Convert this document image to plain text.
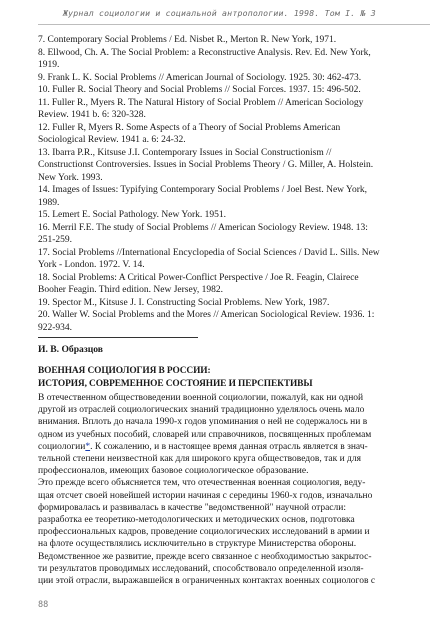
Журнал социологии и социальной антропологии. 1998. Том I. № 3
7. Contemporary Social Problems / Ed. Nisbet R., Merton R. New York, 1971.
8. Ellwood, Ch. A. The Social Problem: a Reconstructive Analysis. Rev. Ed. New York,
1919.
9. Frank L. K. Social Problems // American Journal of Sociology. 1925. 30: 462-473.
10. Fuller R. Social Theory and Social Problems // Social Forces. 1937. 15: 496-502.
11. Fuller R., Myers R. The Natural History of Social Problem // American Sociology
Review. 1941 b. 6: 320-328.
12. Fuller R, Myers R. Some Aspects of a Theory of Social Problems American
Sociological Review. 1941 a. 6: 24-32.
13. Ibarra P.R., Kitsuse J.I. Contemporary Issues in Social Constructionism //
Constructionst Controversies. Issues in Social Problems Theory / G. Miller, A. Holstein.
New York. 1993.
14. Images of Issues: Typifying Contemporary Social Problems / Joel Best. New York,
1989.
15. Lemert E. Social Pathology. New York. 1951.
16. Merril F.E. The study of Social Problems // American Sociology Review. 1948. 13:
251-259.
17. Social Problems //International Encyclopedia of Social Sciences / David L. Sills. New
York - London. 1972. V. 14.
18. Social Problems: A Critical Power-Conflict Perspective / Joe R. Feagin, Clairece
Booher Feagin. Third edition. New Jersey, 1982.
19. Spector M., Kitsuse J. I. Constructing Social Problems. New York, 1987.
20. Waller W. Social Problems and the Mores // American Sociological Review. 1936. 1:
922-934.
И. В. Образцов
ВОЕННАЯ СОЦИОЛОГИЯ В РОССИИ:
ИСТОРИЯ, СОВРЕМЕННОЕ СОСТОЯНИЕ И ПЕРСПЕКТИВЫ
В отечественном обществоведении военной социологии, пожалуй, как ни одной
другой из отраслей социологических знаний традиционно уделялось очень мало
внимания. Вплоть до начала 1990-х годов упоминания о ней не содержалось ни в
одном из учебных пособий, словарей или справочников, посвященных проблемам
социологии*. К сожалению, и в настоящее время данная отрасль является в знач-
тельной степени неизвестной как для широкого круга обществоведов, так и для
профессионалов, имеющих базовое социологическое образование.
Это прежде всего объясняется тем, что отечественная военная социология, веду-
щая отсчет своей новейшей истории начиная с середины 1960-х годов, изначально
формировалась и развивалась в качестве "ведомственной" научной отрасли:
разработка ее теоретико-методологических и методических основ, подготовка
профессиональных кадров, проведение социологических исследований в армии и
на флоте осуществлялись исключительно в структуре Министерства обороны.
Ведомственное же развитие, прежде всего связанное с необходимостью закрытос-
ти результатов проводимых исследований, способствовало определенной изоля-
ции этой отрасли, выражавшейся в ограниченных контактах военных социологов с
88
